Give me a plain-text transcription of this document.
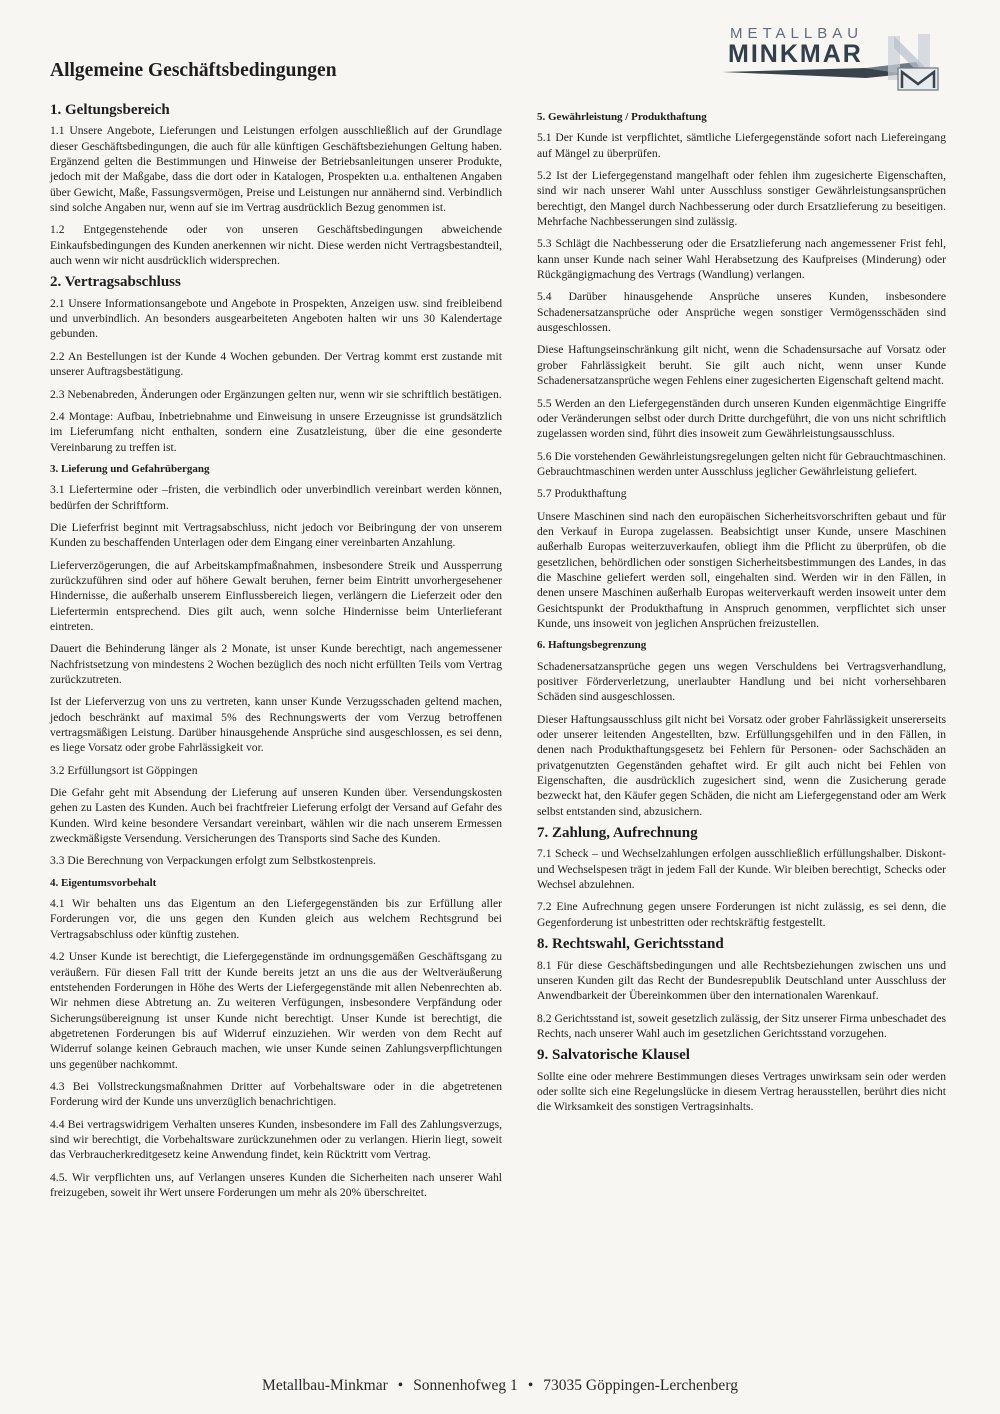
METALLBAU
MINKMAR
Allgemeine Geschäftsbedingungen
1. Geltungsbereich

1.1 Unsere Angebote, Lieferungen und Leistungen erfolgen ausschließlich auf der Grundlage dieser Geschäftsbedingungen, die auch für alle künftigen Geschäftsbeziehungen Geltung haben. Ergänzend gelten die Bestimmungen und Hinweise der Betriebsanleitungen unserer Produkte, jedoch mit der Maßgabe, dass die dort oder in Katalogen, Prospekten u.a. enthaltenen Angaben über Gewicht, Maße, Fassungsvermögen, Preise und Leistungen nur annähernd sind. Verbindlich sind solche Angaben nur, wenn auf sie im Vertrag ausdrücklich Bezug genommen ist.

1.2 Entgegenstehende oder von unseren Geschäftsbedingungen abweichende Einkaufsbedingungen des Kunden anerkennen wir nicht. Diese werden nicht Vertragsbestandteil, auch wenn wir nicht ausdrücklich widersprechen.

2. Vertragsabschluss

2.1 Unsere Informationsangebote und Angebote in Prospekten, Anzeigen usw. sind freibleibend und unverbindlich. An besonders ausgearbeiteten Angeboten halten wir uns 30 Kalendertage gebunden.

2.2 An Bestellungen ist der Kunde 4 Wochen gebunden. Der Vertrag kommt erst zustande mit unserer Auftragsbestätigung.

2.3 Nebenabreden, Änderungen oder Ergänzungen gelten nur, wenn wir sie schriftlich bestätigen.

2.4 Montage: Aufbau, Inbetriebnahme und Einweisung in unsere Erzeugnisse ist grundsätzlich im Lieferumfang nicht enthalten, sondern eine Zusatzleistung, über die eine gesonderte Vereinbarung zu treffen ist.

3. Lieferung und Gefahrübergang

3.1 Liefertermine oder –fristen, die verbindlich oder unverbindlich vereinbart werden können, bedürfen der Schriftform.

Die Lieferfrist beginnt mit Vertragsabschluss, nicht jedoch vor Beibringung der von unserem Kunden zu beschaffenden Unterlagen oder dem Eingang einer vereinbarten Anzahlung.

Lieferverzögerungen, die auf Arbeitskampfmaßnahmen, insbesondere Streik und Aussperrung zurückzuführen sind oder auf höhere Gewalt beruhen, ferner beim Eintritt unvorhergesehener Hindernisse, die außerhalb unserem Einflussbereich liegen, verlängern die Lieferzeit oder den Liefertermin entsprechend. Dies gilt auch, wenn solche Hindernisse beim Unterlieferant eintreten.

Dauert die Behinderung länger als 2 Monate, ist unser Kunde berechtigt, nach angemessener Nachfristsetzung von mindestens 2 Wochen bezüglich des noch nicht erfüllten Teils vom Vertrag zurückzutreten.

Ist der Lieferverzug von uns zu vertreten, kann unser Kunde Verzugsschaden geltend machen, jedoch beschränkt auf maximal 5% des Rechnungswerts der vom Verzug betroffenen vertragsmäßigen Leistung. Darüber hinausgehende Ansprüche sind ausgeschlossen, es sei denn, es liege Vorsatz oder grobe Fahrlässigkeit vor.

3.2 Erfüllungsort ist Göppingen

Die Gefahr geht mit Absendung der Lieferung auf unseren Kunden über. Versendungskosten gehen zu Lasten des Kunden. Auch bei frachtfreier Lieferung erfolgt der Versand auf Gefahr des Kunden. Wird keine besondere Versandart vereinbart, wählen wir die nach unserem Ermessen zweckmäßigste Versendung. Versicherungen des Transports sind Sache des Kunden.

3.3 Die Berechnung von Verpackungen erfolgt zum Selbstkostenpreis.

4. Eigentumsvorbehalt

4.1 Wir behalten uns das Eigentum an den Liefergegenständen bis zur Erfüllung aller Forderungen vor, die uns gegen den Kunden gleich aus welchem Rechtsgrund bei Vertragsabschluss oder künftig zustehen.

4.2 Unser Kunde ist berechtigt, die Liefergegenstände im ordnungsgemäßen Geschäftsgang zu veräußern. Für diesen Fall tritt der Kunde bereits jetzt an uns die aus der Weltveräußerung entstehenden Forderungen in Höhe des Werts der Liefergegenstände mit allen Nebenrechten ab. Wir nehmen diese Abtretung an. Zu weiteren Verfügungen, insbesondere Verpfändung oder Sicherungsübereignung ist unser Kunde nicht berechtigt. Unser Kunde ist berechtigt, die abgetretenen Forderungen bis auf Widerruf einzuziehen. Wir werden von dem Recht auf Widerruf solange keinen Gebrauch machen, wie unser Kunde seinen Zahlungsverpflichtungen uns gegenüber nachkommt.

4.3 Bei Vollstreckungsmaßnahmen Dritter auf Vorbehaltsware oder in die abgetretenen Forderung wird der Kunde uns unverzüglich benachrichtigen.

4.4 Bei vertragswidrigem Verhalten unseres Kunden, insbesondere im Fall des Zahlungsverzugs, sind wir berechtigt, die Vorbehaltsware zurückzunehmen oder zu verlangen. Hierin liegt, soweit das Verbraucherkreditgesetz keine Anwendung findet, kein Rücktritt vom Vertrag.

4.5. Wir verpflichten uns, auf Verlangen unseres Kunden die Sicherheiten nach unserer Wahl freizugeben, soweit ihr Wert unsere Forderungen um mehr als 20% überschreitet.

5. Gewährleistung / Produkthaftung

5.1 Der Kunde ist verpflichtet, sämtliche Liefergegenstände sofort nach Liefereingang auf Mängel zu überprüfen.

5.2 Ist der Liefergegenstand mangelhaft oder fehlen ihm zugesicherte Eigenschaften, sind wir nach unserer Wahl unter Ausschluss sonstiger Gewährleistungsansprüchen berechtigt, den Mangel durch Nachbesserung oder durch Ersatzlieferung zu beseitigen. Mehrfache Nachbesserungen sind zulässig.

5.3 Schlägt die Nachbesserung oder die Ersatzlieferung nach angemessener Frist fehl, kann unser Kunde nach seiner Wahl Herabsetzung des Kaufpreises (Minderung) oder Rückgängigmachung des Vertrags (Wandlung) verlangen.

5.4 Darüber hinausgehende Ansprüche unseres Kunden, insbesondere Schadenersatzansprüche oder Ansprüche wegen sonstiger Vermögensschäden sind ausgeschlossen.

Diese Haftungseinschränkung gilt nicht, wenn die Schadensursache auf Vorsatz oder grober Fahrlässigkeit beruht. Sie gilt auch nicht, wenn unser Kunde Schadenersatzansprüche wegen Fehlens einer zugesicherten Eigenschaft geltend macht.

5.5 Werden an den Liefergegenständen durch unseren Kunden eigenmächtige Eingriffe oder Veränderungen selbst oder durch Dritte durchgeführt, die von uns nicht schriftlich zugelassen worden sind, führt dies insoweit zum Gewährleistungsausschluss.

5.6 Die vorstehenden Gewährleistungsregelungen gelten nicht für Gebrauchtmaschinen. Gebrauchtmaschinen werden unter Ausschluss jeglicher Gewährleistung geliefert.

5.7 Produkthaftung

Unsere Maschinen sind nach den europäischen Sicherheitsvorschriften gebaut und für den Verkauf in Europa zugelassen. Beabsichtigt unser Kunde, unsere Maschinen außerhalb Europas weiterzuverkaufen, obliegt ihm die Pflicht zu überprüfen, ob die gesetzlichen, behördlichen oder sonstigen Sicherheitsbestimmungen des Landes, in das die Maschine geliefert werden soll, eingehalten sind. Werden wir in den Fällen, in denen unsere Maschinen außerhalb Europas weiterverkauft werden insoweit unter dem Gesichtspunkt der Produkthaftung in Anspruch genommen, verpflichtet sich unser Kunde, uns insoweit von jeglichen Ansprüchen freizustellen.

6. Haftungsbegrenzung

Schadenersatzansprüche gegen uns wegen Verschuldens bei Vertragsverhandlung, positiver Förderverletzung, unerlaubter Handlung und bei nicht vorhersehbaren Schäden sind ausgeschlossen.

Dieser Haftungsausschluss gilt nicht bei Vorsatz oder grober Fahrlässigkeit unsererseits oder unserer leitenden Angestellten, bzw. Erfüllungsgehilfen und in den Fällen, in denen nach Produkthaftungsgesetz bei Fehlern für Personen- oder Sachschäden an privatgenutzten Gegenständen gehaftet wird. Er gilt auch nicht bei Fehlen von Eigenschaften, die ausdrücklich zugesichert sind, wenn die Zusicherung gerade bezweckt hat, den Käufer gegen Schäden, die nicht am Liefergegenstand oder am Werk selbst entstanden sind, abzusichern.

7. Zahlung, Aufrechnung

7.1 Scheck – und Wechselzahlungen erfolgen ausschließlich erfüllungshalber. Diskont- und Wechselspesen trägt in jedem Fall der Kunde. Wir bleiben berechtigt, Schecks oder Wechsel abzulehnen.

7.2 Eine Aufrechnung gegen unsere Forderungen ist nicht zulässig, es sei denn, die Gegenforderung ist unbestritten oder rechtskräftig festgestellt.

8. Rechtswahl, Gerichtsstand

8.1 Für diese Geschäftsbedingungen und alle Rechtsbeziehungen zwischen uns und unseren Kunden gilt das Recht der Bundesrepublik Deutschland unter Ausschluss der Anwendbarkeit der Übereinkommen über den internationalen Warenkauf.

8.2 Gerichtsstand ist, soweit gesetzlich zulässig, der Sitz unserer Firma unbeschadet des Rechts, nach unserer Wahl auch im gesetzlichen Gerichtsstand vorzugehen.

9. Salvatorische Klausel

Sollte eine oder mehrere Bestimmungen dieses Vertrages unwirksam sein oder werden oder sollte sich eine Regelungslücke in diesem Vertrag herausstellen, berührt dies nicht die Wirksamkeit des sonstigen Vertragsinhalts.

Metallbau-Minkmar • Sonnenhofweg 1 • 73035 Göppingen-Lerchenberg
